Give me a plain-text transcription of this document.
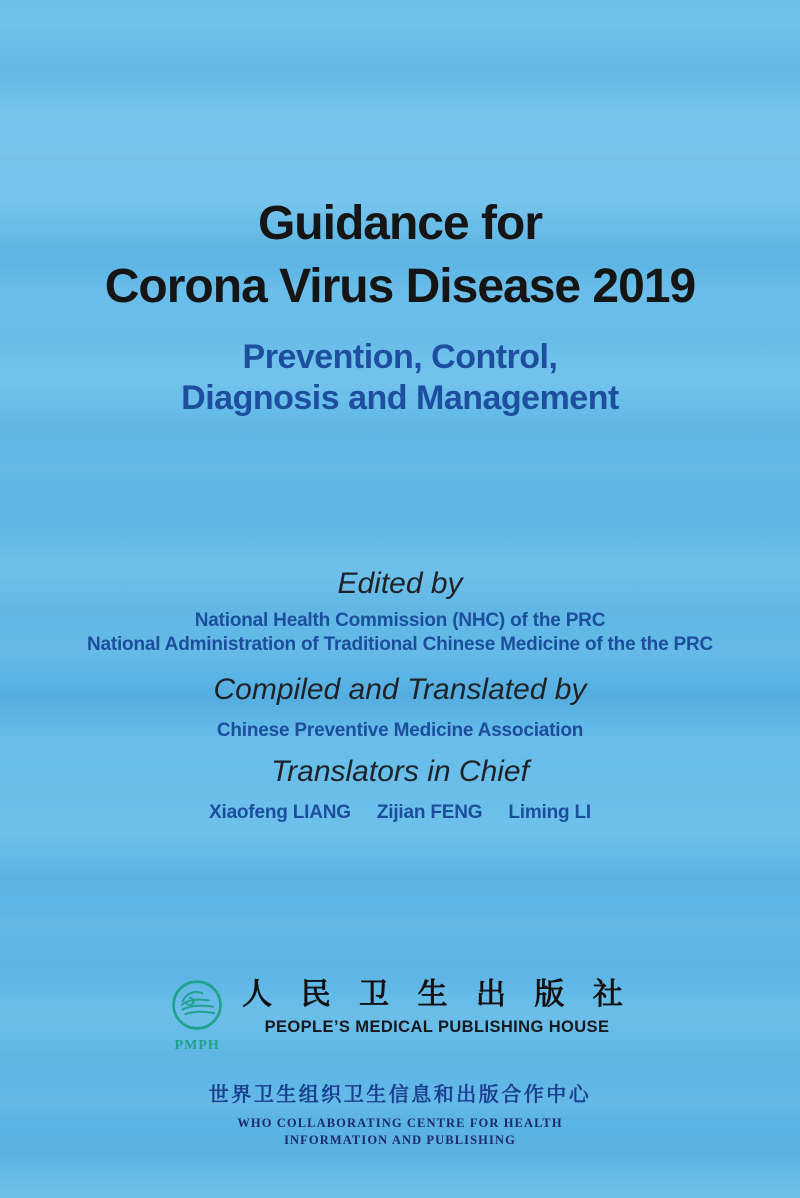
Guidance for
Corona Virus Disease 2019
Prevention, Control,
Diagnosis and Management
Edited by
National Health Commission (NHC) of the PRC
National Administration of Traditional Chinese Medicine of the the PRC
Compiled and Translated by
Chinese Preventive Medicine Association
Translators in Chief
Xiaofeng LIANG Zijian FENG Liming LI
PMPH
人 民 卫 生 出 版 社
PEOPLE’S MEDICAL PUBLISHING HOUSE
世界卫生组织卫生信息和出版合作中心
WHO COLLABORATING CENTRE FOR HEALTH
INFORMATION AND PUBLISHING
